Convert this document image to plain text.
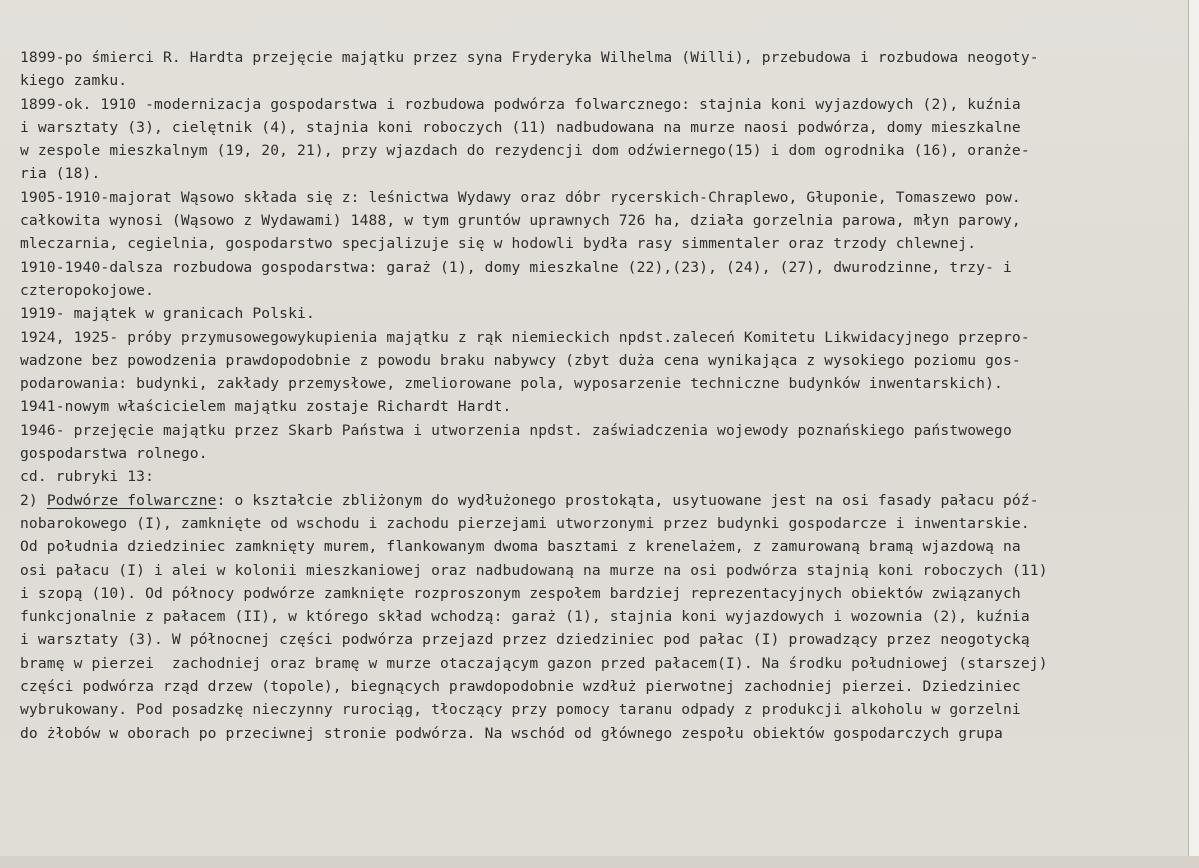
1899-po śmierci R. Hardta przejęcie majątku przez syna Fryderyka Wilhelma (Willi), przebudowa i rozbudowa neogoty-
kiego zamku.
1899-ok. 1910 -modernizacja gospodarstwa i rozbudowa podwórza folwarcznego: stajnia koni wyjazdowych (2), kuźnia
i warsztaty (3), cielętnik (4), stajnia koni roboczych (11) nadbudowana na murze naosi podwórza, domy mieszkalne
w zespole mieszkalnym (19, 20, 21), przy wjazdach do rezydencji dom odźwiernego(15) i dom ogrodnika (16), oranże-
ria (18).
1905-1910-majorat Wąsowo składa się z: leśnictwa Wydawy oraz dóbr rycerskich-Chraplewo, Głuponie, Tomaszewo pow.
całkowita wynosi (Wąsowo z Wydawami) 1488, w tym gruntów uprawnych 726 ha, działa gorzelnia parowa, młyn parowy,
mleczarnia, cegielnia, gospodarstwo specjalizuje się w hodowli bydła rasy simmentaler oraz trzody chlewnej.
1910-1940-dalsza rozbudowa gospodarstwa: garaż (1), domy mieszkalne (22),(23), (24), (27), dwurodzinne, trzy- i
czteropokojowe.
1919- majątek w granicach Polski.
1924, 1925- próby przymusowegowykupienia majątku z rąk niemieckich npdst.zaleceń Komitetu Likwidacyjnego przepro-
wadzone bez powodzenia prawdopodobnie z powodu braku nabywcy (zbyt duża cena wynikająca z wysokiego poziomu gos-
podarowania: budynki, zakłady przemysłowe, zmeliorowane pola, wyposarzenie techniczne budynków inwentarskich).
1941-nowym właścicielem majątku zostaje Richardt Hardt.
1946- przejęcie majątku przez Skarb Państwa i utworzenia npdst. zaświadczenia wojewody poznańskiego państwowego
gospodarstwa rolnego.
cd. rubryki 13:
2) Podwórze folwarczne: o kształcie zbliżonym do wydłużonego prostokąta, usytuowane jest na osi fasady pałacu póź-
nobarokowego (I), zamknięte od wschodu i zachodu pierzejami utworzonymi przez budynki gospodarcze i inwentarskie.
Od południa dziedziniec zamknięty murem, flankowanym dwoma basztami z krenelażem, z zamurowaną bramą wjazdową na
osi pałacu (I) i alei w kolonii mieszkaniowej oraz nadbudowaną na murze na osi podwórza stajnią koni roboczych (11)
i szopą (10). Od północy podwórze zamknięte rozproszonym zespołem bardziej reprezentacyjnych obiektów związanych
funkcjonalnie z pałacem (II), w którego skład wchodzą: garaż (1), stajnia koni wyjazdowych i wozownia (2), kuźnia
i warsztaty (3). W północnej części podwórza przejazd przez dziedziniec pod pałac (I) prowadzący przez neogotycką
bramę w pierzei  zachodniej oraz bramę w murze otaczającym gazon przed pałacem(I). Na środku południowej (starszej)
części podwórza rząd drzew (topole), biegnących prawdopodobnie wzdłuż pierwotnej zachodniej pierzei. Dziedziniec
wybrukowany. Pod posadzkę nieczynny rurociąg, tłoczący przy pomocy taranu odpady z produkcji alkoholu w gorzelni
do żłobów w oborach po przeciwnej stronie podwórza. Na wschód od głównego zespołu obiektów gospodarczych grupa
